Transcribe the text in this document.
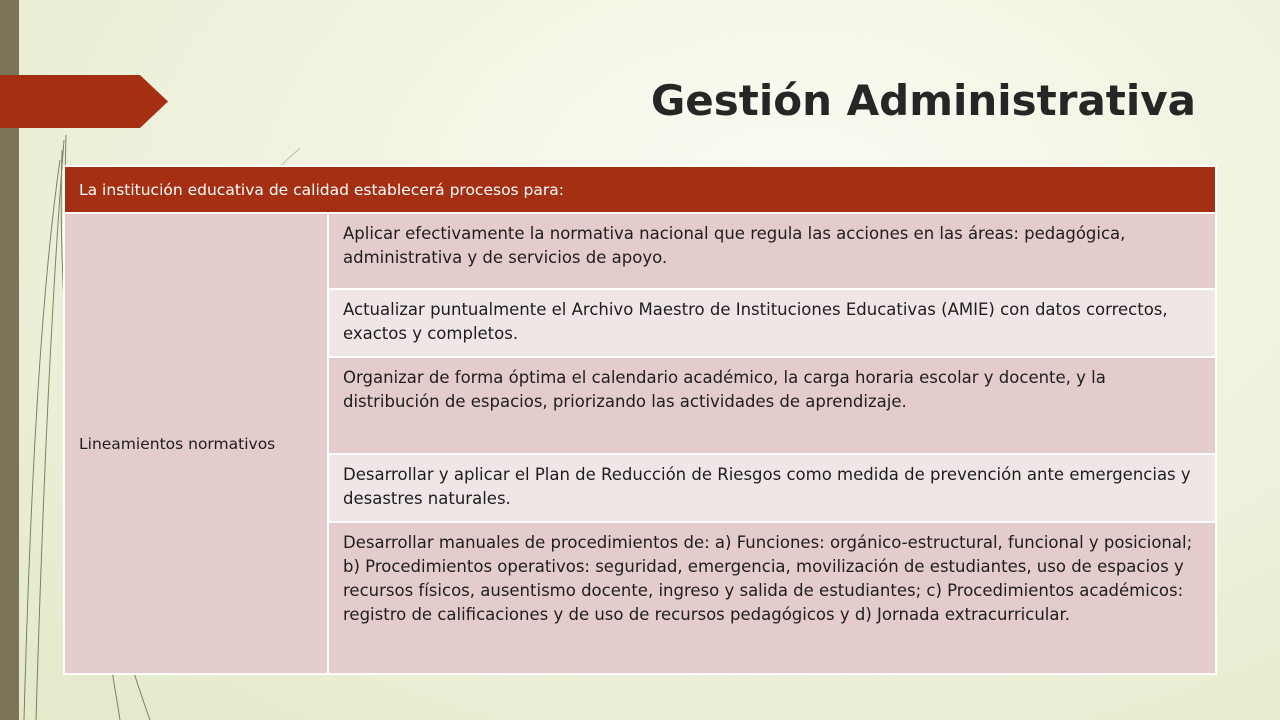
Gestión Administrativa
La institución educativa de calidad establecerá procesos para:
Lineamientos normativos	Aplicar efectivamente la normativa nacional que regula las acciones en las áreas: pedagógica, administrativa y de servicios de apoyo.
Actualizar puntualmente el Archivo Maestro de Instituciones Educativas (AMIE) con datos correctos, exactos y completos.
Organizar de forma óptima el calendario académico, la carga horaria escolar y docente, y la distribución de espacios, priorizando las actividades de aprendizaje.
Desarrollar y aplicar el Plan de Reducción de Riesgos como medida de prevención ante emergencias y desastres naturales.
Desarrollar manuales de procedimientos de: a) Funciones: orgánico-estructural, funcional y posicional; b) Procedimientos operativos: seguridad, emergencia, movilización de estudiantes, uso de espacios y recursos físicos, ausentismo docente, ingreso y salida de estudiantes; c) Procedimientos académicos: registro de calificaciones y de uso de recursos pedagógicos y d) Jornada extracurricular.
